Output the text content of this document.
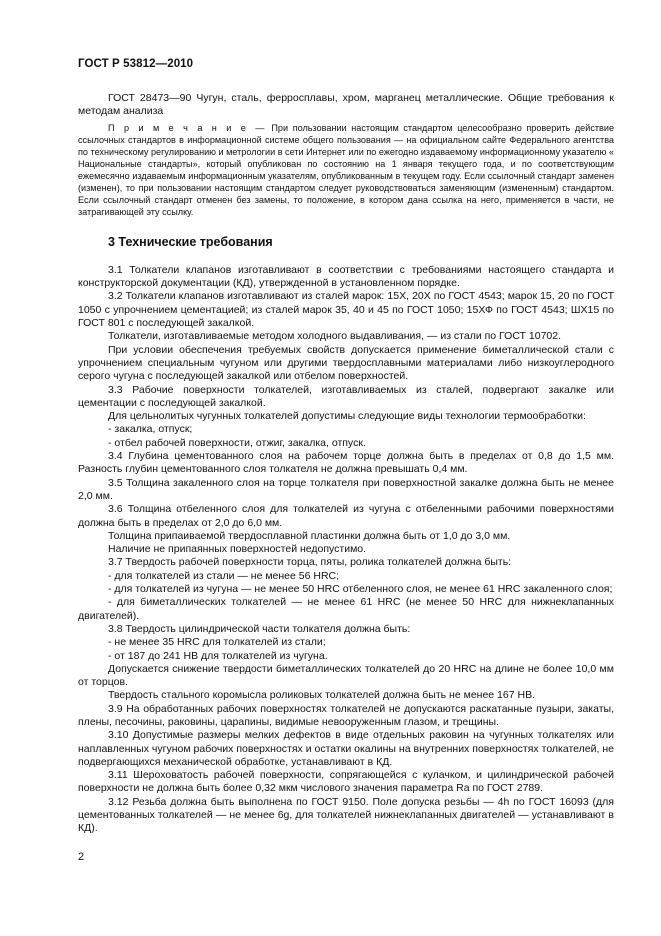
ГОСТ Р 53812—2010

ГОСТ 28473—90 Чугун, сталь, ферросплавы, хром, марганец металлические. Общие требования к методам анализа

П р и м е ч а н и е — При пользовании настоящим стандартом целесообразно проверить действие ссылочных стандартов в информационной системе общего пользования — на официальном сайте Федерального агентства по техническому регулированию и метрологии в сети Интернет или по ежегодно издаваемому информационному указателю « Национальные стандарты», который опубликован по состоянию на 1 января текущего года, и по соответствующим ежемесячно издаваемым информационным указателям, опубликованным в текущем году. Если ссылочный стандарт заменен (изменен), то при пользовании настоящим стандартом следует руководствоваться заменяющим (измененным) стандартом. Если ссылочный стандарт отменен без замены, то положение, в котором дана ссылка на него, применяется в части, не затрагивающей эту ссылку.

3 Технические требования

3.1 Толкатели клапанов изготавливают в соответствии с требованиями настоящего стандарта и конструкторской документации (КД), утвержденной в установленном порядке.

3.2 Толкатели клапанов изготавливают из сталей марок: 15Х, 20Х по ГОСТ 4543; марок 15, 20 по ГОСТ 1050 с упрочнением цементацией; из сталей марок 35, 40 и 45 по ГОСТ 1050; 15ХФ по ГОСТ 4543; ШХ15 по ГОСТ 801 с последующей закалкой.

Толкатели, изготавливаемые методом холодного выдавливания, — из стали по ГОСТ 10702.

При условии обеспечения требуемых свойств допускается применение биметаллической стали с упрочнением специальным чугуном или другими твердосплавными материалами либо низкоуглеродного серого чугуна с последующей закалкой или отбелом поверхностей.

3.3 Рабочие поверхности толкателей, изготавливаемых из сталей, подвергают закалке или цементации с последующей закалкой.

Для цельнолитых чугунных толкателей допустимы следующие виды технологии термообработки:

- закалка, отпуск;

- отбел рабочей поверхности, отжиг, закалка, отпуск.

3.4 Глубина цементованного слоя на рабочем торце должна быть в пределах от 0,8 до 1,5 мм. Разность глубин цементованного слоя толкателя не должна превышать 0,4 мм.

3.5 Толщина закаленного слоя на торце толкателя при поверхностной закалке должна быть не менее 2,0 мм.

3.6 Толщина отбеленного слоя для толкателей из чугуна с отбеленными рабочими поверхностями должна быть в пределах от 2,0 до 6,0 мм.

Толщина припаиваемой твердосплавной пластинки должна быть от 1,0 до 3,0 мм.

Наличие не припаянных поверхностей недопустимо.

3.7 Твердость рабочей поверхности торца, пяты, ролика толкателей должна быть:

- для толкателей из стали — не менее 56 HRC;

- для толкателей из чугуна — не менее 50 HRC отбеленного слоя, не менее 61 HRC закаленного слоя;

- для биметаллических толкателей — не менее 61 HRC (не менее 50 HRC для нижнеклапанных двигателей).

3.8 Твердость цилиндрической части толкателя должна быть:

- не менее 35 HRC для толкателей из стали;

- от 187 до 241 НВ для толкателей из чугуна.

Допускается снижение твердости биметаллических толкателей до 20 HRC на длине не более 10,0 мм от торцов.

Твердость стального коромысла роликовых толкателей должна быть не менее 167 НВ.

3.9 На обработанных рабочих поверхностях толкателей не допускаются раскатанные пузыри, закаты, плены, песочины, раковины, царапины, видимые невооруженным глазом, и трещины.

3.10 Допустимые размеры мелких дефектов в виде отдельных раковин на чугунных толкателях или наплавленных чугуном рабочих поверхностях и остатки окалины на внутренних поверхностях толкателей, не подвергающихся механической обработке, устанавливают в КД.

3.11 Шероховатость рабочей поверхности, сопрягающейся с кулачком, и цилиндрической рабочей поверхности не должна быть более 0,32 мкм числового значения параметра Ra по ГОСТ 2789.

3.12 Резьба должна быть выполнена по ГОСТ 9150. Поле допуска резьбы — 4h по ГОСТ 16093 (для цементованных толкателей — не менее 6g, для толкателей нижнеклапанных двигателей — устанавливают в КД).

2
